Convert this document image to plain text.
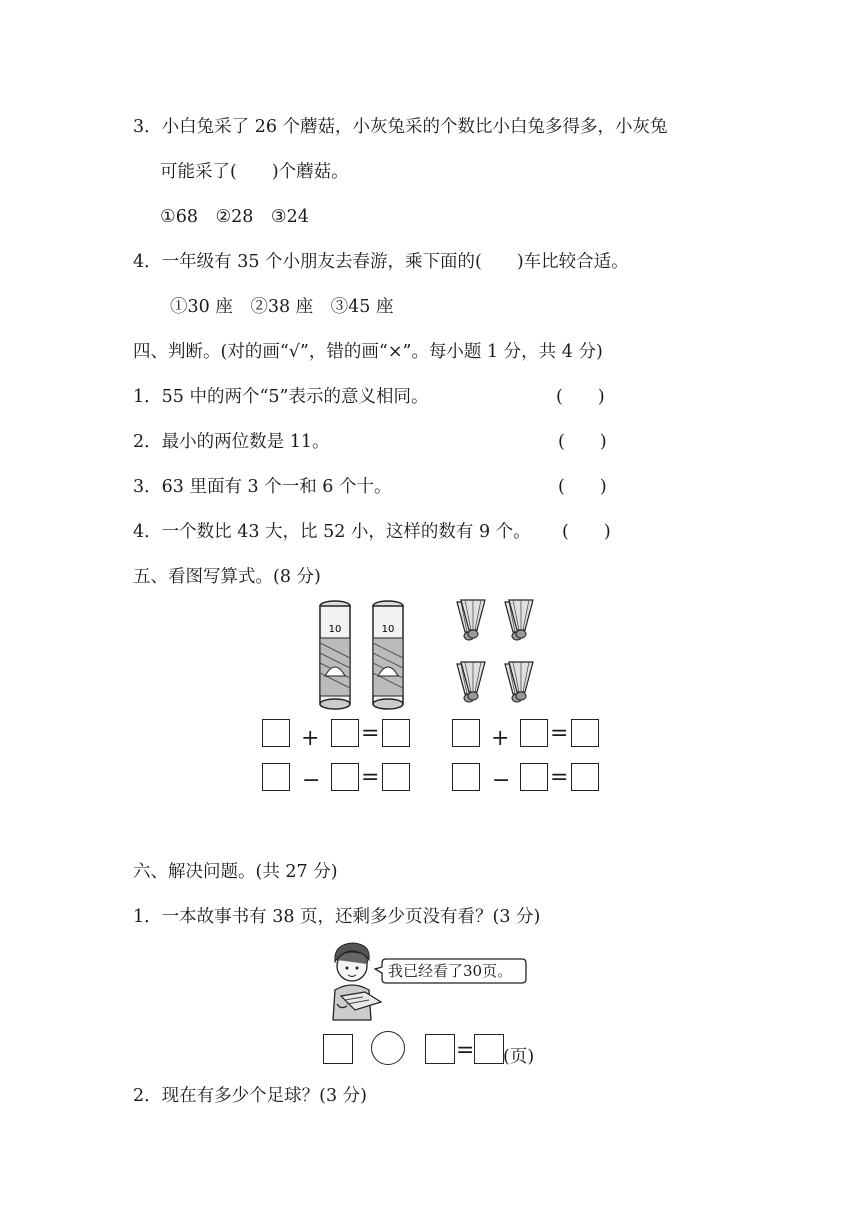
3．小白兔采了 26 个蘑菇，小灰兔采的个数比小白兔多得多，小灰兔
可能采了(　　)个蘑菇。
①68　②28　③24
4．一年级有 35 个小朋友去春游，乘下面的(　　)车比较合适。
①30 座　②38 座　③45 座
四、判断。(对的画“√”，错的画“×”。每小题 1 分，共 4 分)
1．55 中的两个“5”表示的意义相同。	(　　)
2．最小的两位数是 11。	(　　)
3．63 里面有 3 个一和 6 个十。	(　　)
4．一个数比 43 大，比 52 小，这样的数有 9 个。 (　　)
五、看图写算式。(8 分)
10	10
+ =	+ =
− =	− =
六、解决问题。(共 27 分)
1．一本故事书有 38 页，还剩多少页没有看？(3 分)
我已经看了30页。
= (页)
2．现在有多少个足球？(3 分)
